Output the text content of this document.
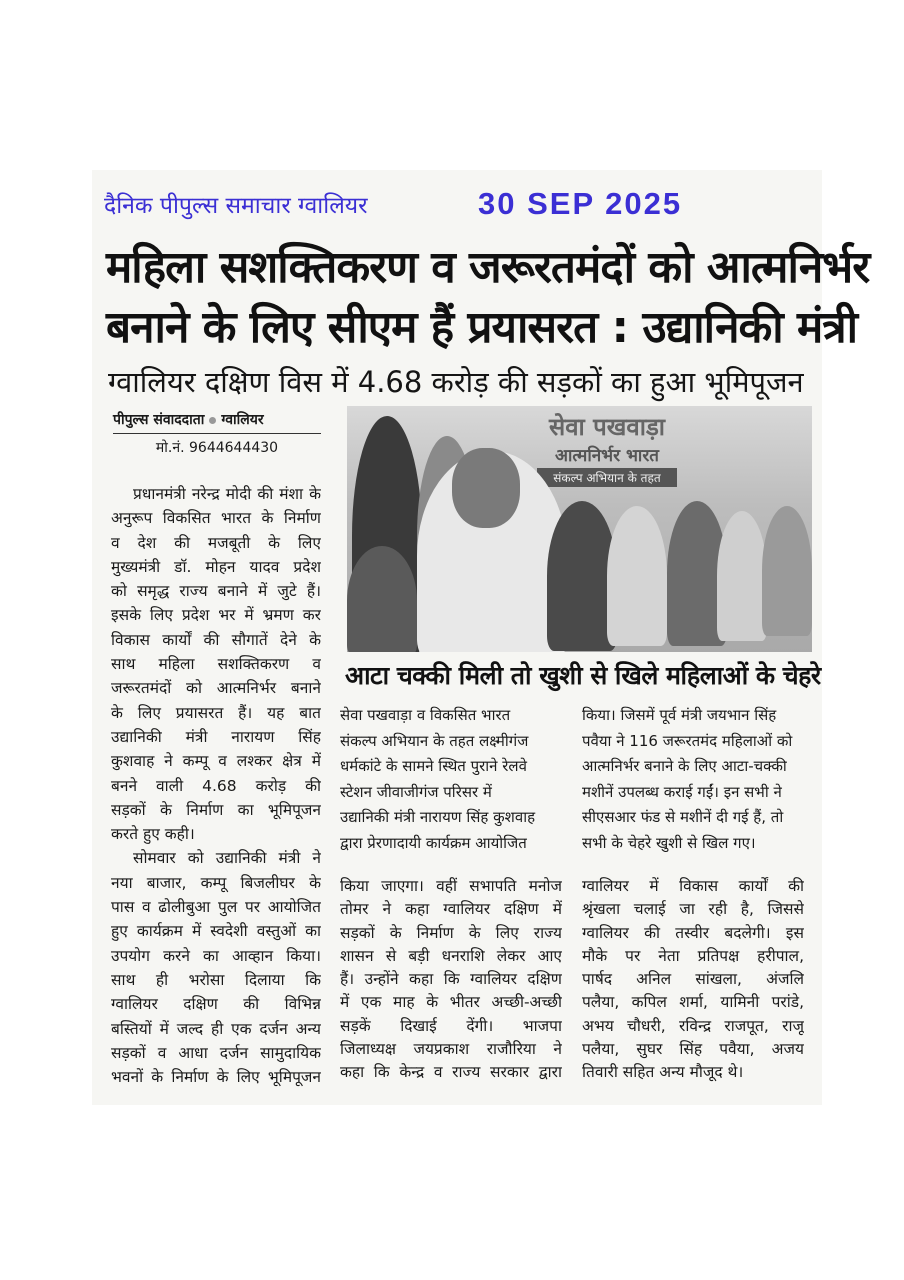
दैनिक पीपुल्स समाचार ग्वालियर	30 SEP 2025
महिला सशक्तिकरण व जरूरतमंदों को आत्मनिर्भर
बनाने के लिए सीएम हैं प्रयासरत : उद्यानिकी मंत्री
ग्वालियर दक्षिण विस में 4.68 करोड़ की सड़कों का हुआ भूमिपूजन
पीपुल्स संवाददाता ग्वालियर
मो.नं. 9644644430
प्रधानमंत्री नरेन्द्र मोदी की मंशा के
अनुरूप विकसित भारत के निर्माण
व देश की मजबूती के लिए
मुख्यमंत्री डॉ. मोहन यादव प्रदेश
को समृद्ध राज्य बनाने में जुटे हैं।
इसके लिए प्रदेश भर में भ्रमण कर
विकास कार्यों की सौगातें देने के
साथ महिला सशक्तिकरण व
जरूरतमंदों को आत्मनिर्भर बनाने
के लिए प्रयासरत हैं। यह बात
उद्यानिकी मंत्री नारायण सिंह
कुशवाह ने कम्पू व लश्कर क्षेत्र में
बनने वाली 4.68 करोड़ की
सड़कों के निर्माण का भूमिपूजन
करते हुए कही।
सोमवार को उद्यानिकी मंत्री ने
नया बाजार, कम्पू बिजलीघर के
पास व ढोलीबुआ पुल पर आयोजित
हुए कार्यक्रम में स्वदेशी वस्तुओं का
उपयोग करने का आव्हान किया।
साथ ही भरोसा दिलाया कि
ग्वालियर दक्षिण की विभिन्न
बस्तियों में जल्द ही एक दर्जन अन्य
सड़कों व आधा दर्जन सामुदायिक
भवनों के निर्माण के लिए भूमिपूजन
सेवा पखवाड़ा
आत्मनिर्भर भारत
संकल्प अभियान के तहत
आटा चक्की मिली तो खुशी से खिले महिलाओं के चेहरे
सेवा पखवाड़ा व विकसित भारत
संकल्प अभियान के तहत लक्ष्मीगंज
धर्मकांटे के सामने स्थित पुराने रेलवे
स्टेशन जीवाजीगंज परिसर में
उद्यानिकी मंत्री नारायण सिंह कुशवाह
द्वारा प्रेरणादायी कार्यक्रम आयोजित
किया। जिसमें पूर्व मंत्री जयभान सिंह
पवैया ने 116 जरूरतमंद महिलाओं को
आत्मनिर्भर बनाने के लिए आटा-चक्की
मशीनें उपलब्ध कराई गईं। इन सभी ने
सीएसआर फंड से मशीनें दी गई हैं, तो
सभी के चेहरे खुशी से खिल गए।
किया जाएगा। वहीं सभापति मनोज
तोमर ने कहा ग्वालियर दक्षिण में
सड़कों के निर्माण के लिए राज्य
शासन से बड़ी धनराशि लेकर आए
हैं। उन्होंने कहा कि ग्वालियर दक्षिण
में एक माह के भीतर अच्छी-अच्छी
सड़कें दिखाई देंगी। भाजपा
जिलाध्यक्ष जयप्रकाश राजौरिया ने
कहा कि केन्द्र व राज्य सरकार द्वारा
ग्वालियर में विकास कार्यों की
श्रृंखला चलाई जा रही है, जिससे
ग्वालियर की तस्वीर बदलेगी। इस
मौके पर नेता प्रतिपक्ष हरीपाल,
पार्षद अनिल सांखला, अंजलि
पलैया, कपिल शर्मा, यामिनी परांडे,
अभय चौधरी, रविन्द्र राजपूत, राजू
पलैया, सुघर सिंह पवैया, अजय
तिवारी सहित अन्य मौजूद थे।
